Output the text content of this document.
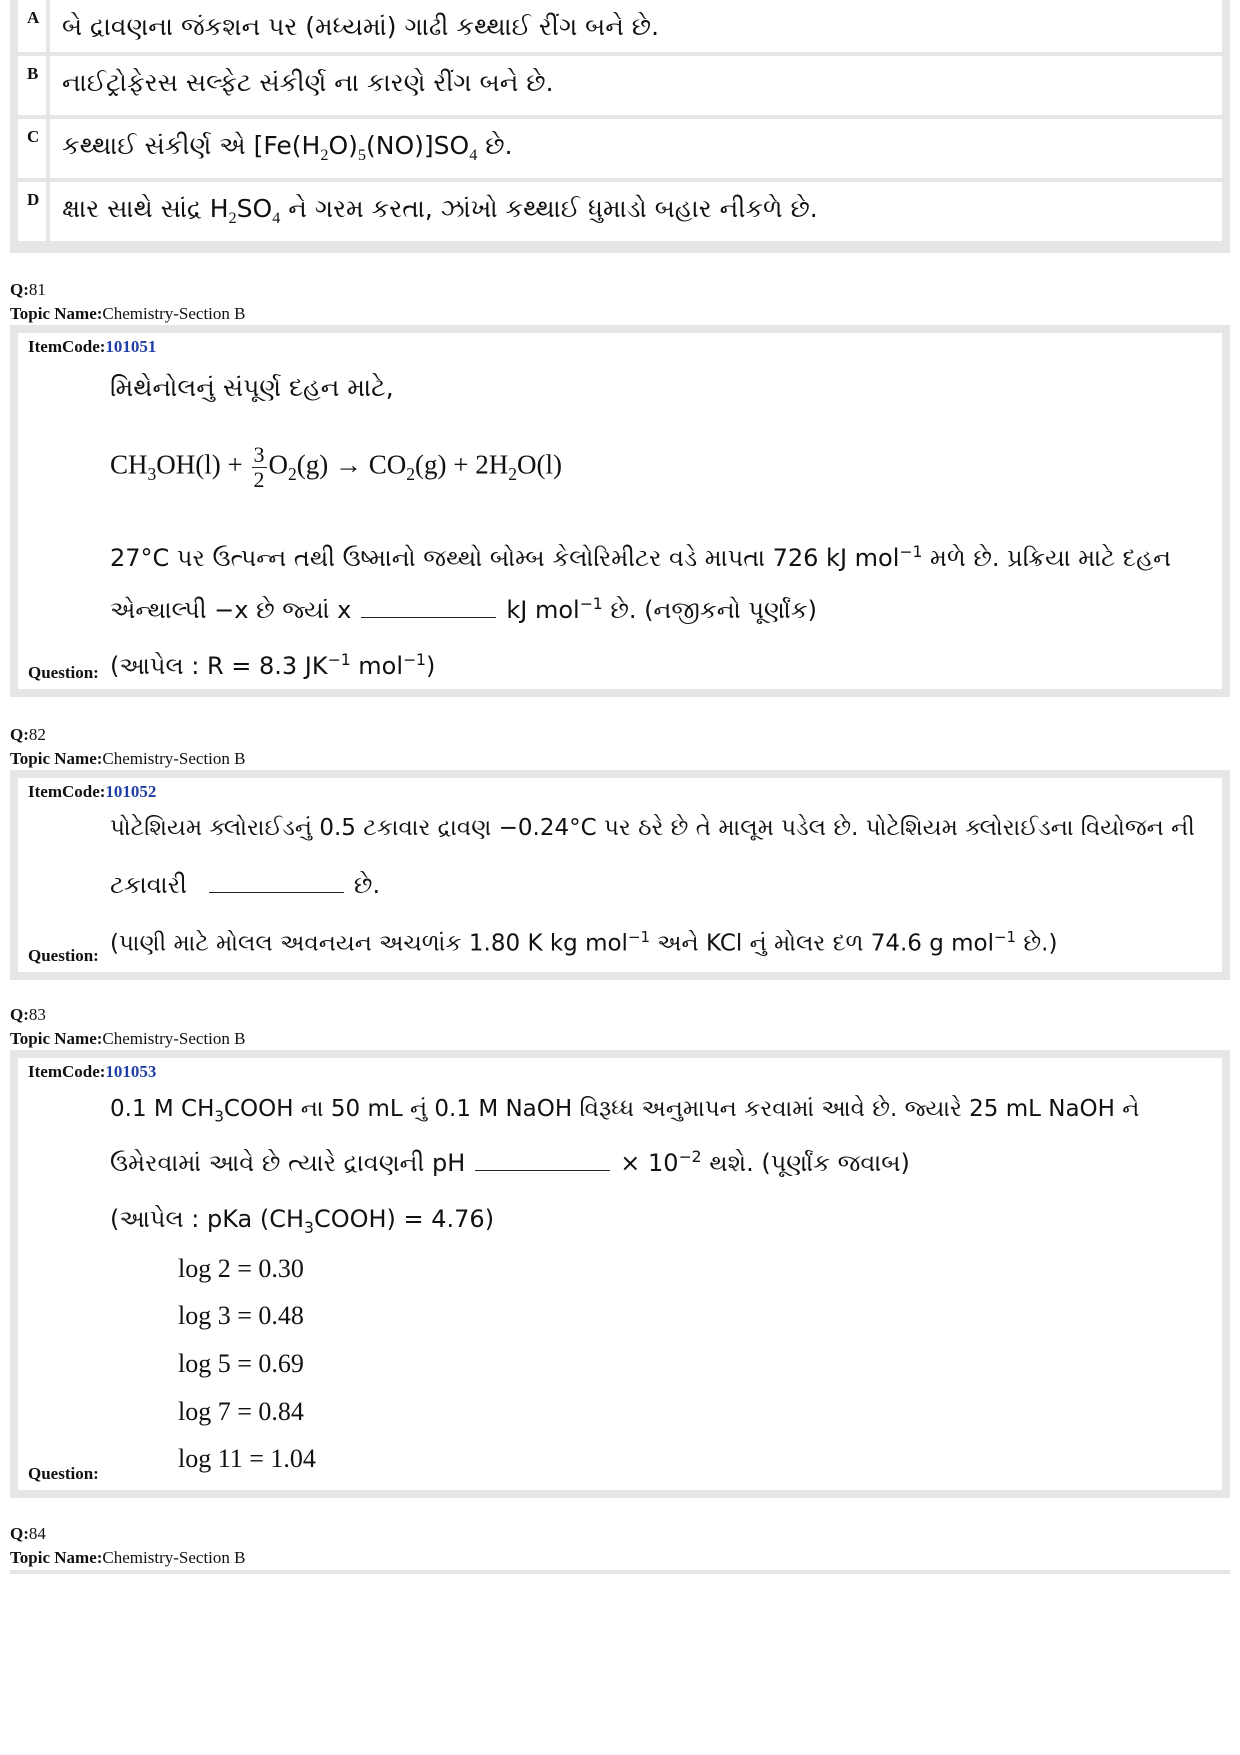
A બે દ્રાવણના જંકશન પર (મધ્યમાં) ગાઢી કથ્થાઈ રીંગ બને છે.
B નાઈટ્રોફેરસ સલ્ફેટ સંકીર્ણ ના કારણે રીંગ બને છે.
C કથ્થાઈ સંકીર્ણ એ $[Fe(H_2O)_5(NO)]SO_4$ છે.
D ક્ષાર સાથે સાંદ્ર $H_2SO_4$ ને ગરમ કરતા, ઝાંખો કથ્થાઈ ધુમાડો બહાર નીકળે છે.
Q:81
Topic Name:Chemistry-Section B
ItemCode:101051
મિથેનોલનું સંપૂર્ણ દહન માટે,
$CH_3OH(l) + \frac{3}{2} O_2(g) \to CO_2(g) + 2H_2O(l)$
27°C પર ઉત્પન્ન તથી ઉષ્માનો જથ્થો બોમ્બ કેલોરિમીટર વડે માપતા 726 kJ mol$^{-1}$ મળે છે. પ્રક્રિયા માટે દહન
એન્થાલ્પી −x છે જ્યાં x	kJ mol$^{-1}$ છે. (નજીકનો પૂર્ણાંક)
(આપેલ : R = 8.3 $JK^{-1}$ mol$^{-1}$)
Question:
Q:82
Topic Name:Chemistry-Section B
ItemCode:101052
પોટેશિયમ ક્લોરાઈડનું 0.5 ટકાવાર દ્રાવણ −0.24°C પર ઠરે છે તે માલૂમ પડેલ છે. પોટેશિયમ ક્લોરાઈડના વિયોજન ની
ટકાવારી	છે.
(પાણી માટે મોલલ અવનયન અચળાંક 1.80 K kg mol$^{-1}$ અને KCl નું મોલર દળ 74.6 g mol$^{-1}$ છે.)
Question:
Q:83
Topic Name:Chemistry-Section B
ItemCode:101053
0.1 M $CH_3COOH$ ના 50 mL નું 0.1 M NaOH વિરૂધ્ધ અનુમાપન કરવામાં આવે છે. જ્યારે 25 mL NaOH ને
ઉમેરવામાં આવે છે ત્યારે દ્રાવણની pH	× $10^{-2}$ થશે. (પૂર્ણાંક જવાબ)
(આપેલ : pKa $(CH_3COOH) = 4.76$)
log 2 = 0.30
log 3 = 0.48
log 5 = 0.69
log 7 = 0.84
log 11 = 1.04
Question:
Q:84
Topic Name:Chemistry-Section B
